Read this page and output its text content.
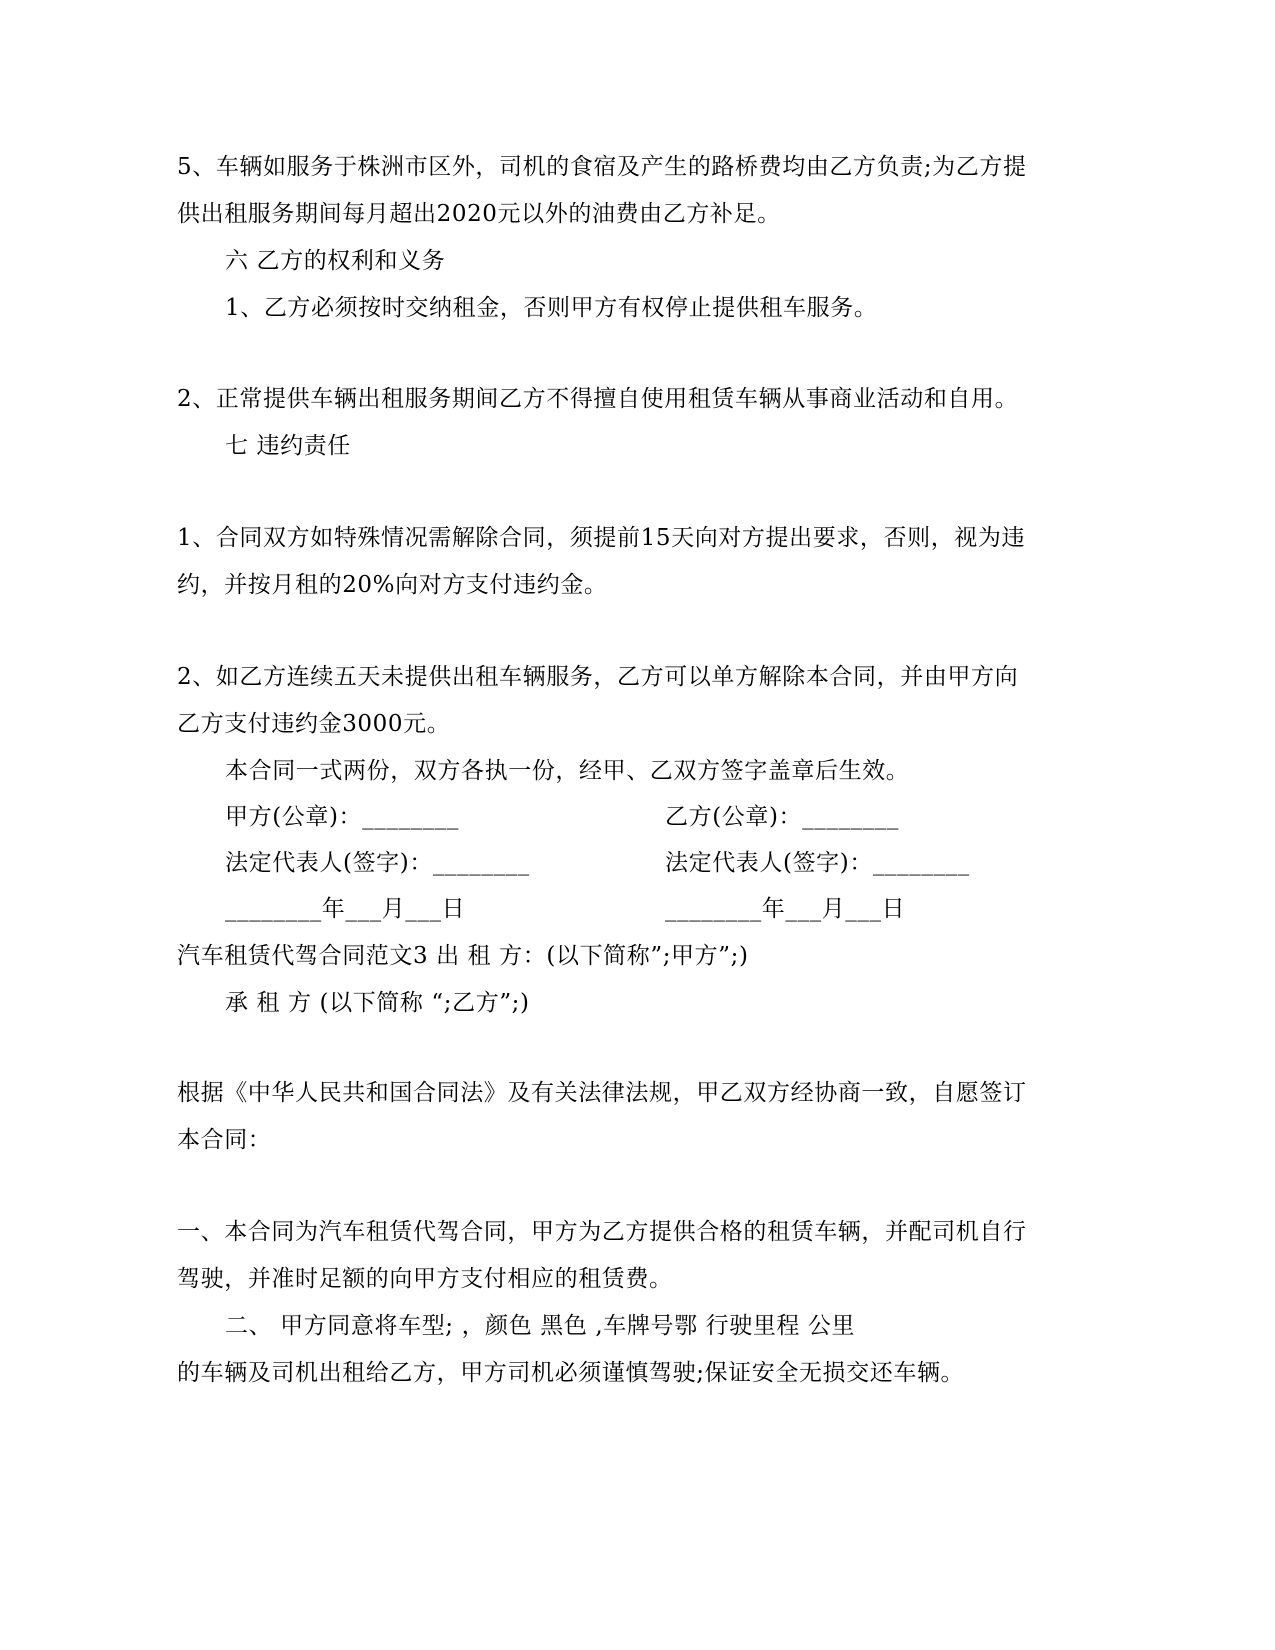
5、车辆如服务于株洲市区外，司机的食宿及产生的路桥费均由乙方负责;为乙方提
供出租服务期间每月超出2020元以外的油费由乙方补足。
六 乙方的权利和义务
1、乙方必须按时交纳租金，否则甲方有权停止提供租车服务。
2、正常提供车辆出租服务期间乙方不得擅自使用租赁车辆从事商业活动和自用。
七 违约责任
1、合同双方如特殊情况需解除合同，须提前15天向对方提出要求，否则，视为违
约，并按月租的20%向对方支付违约金。
2、如乙方连续五天未提供出租车辆服务，乙方可以单方解除本合同，并由甲方向
乙方支付违约金3000元。
本合同一式两份，双方各执一份，经甲、乙双方签字盖章后生效。
甲方(公章)：________	乙方(公章)：________
法定代表人(签字)：________	法定代表人(签字)：________
________年___月___日	________年___月___日
汽车租赁代驾合同范文3 出 租 方：(以下简称”;甲方”;)
承 租 方 (以下简称 “;乙方”;)
根据《中华人民共和国合同法》及有关法律法规，甲乙双方经协商一致，自愿签订
本合同：
一、本合同为汽车租赁代驾合同，甲方为乙方提供合格的租赁车辆，并配司机自行
驾驶，并准时足额的向甲方支付相应的租赁费。
二、 甲方同意将车型; ，颜色 黑色 ,车牌号鄂 行驶里程 公里
的车辆及司机出租给乙方，甲方司机必须谨慎驾驶;保证安全无损交还车辆。
